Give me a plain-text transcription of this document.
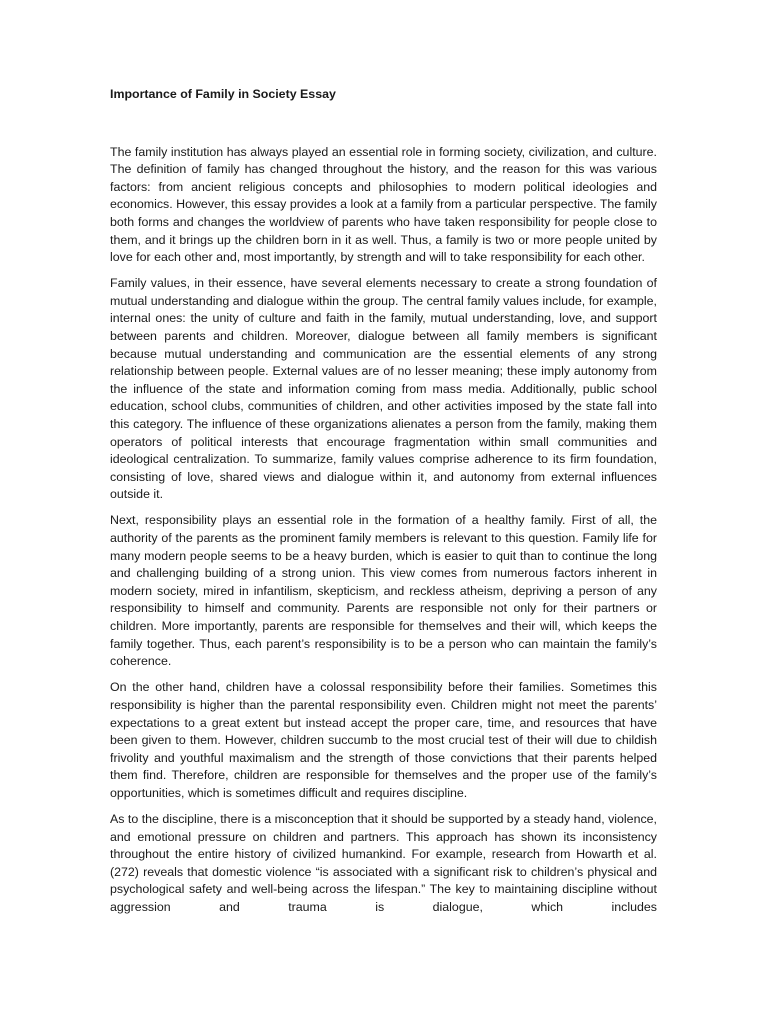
Importance of Family in Society Essay

The family institution has always played an essential role in forming society, civilization, and culture. The definition of family has changed throughout the history, and the reason for this was various factors: from ancient religious concepts and philosophies to modern political ideologies and economics. However, this essay provides a look at a family from a particular perspective. The family both forms and changes the worldview of parents who have taken responsibility for people close to them, and it brings up the children born in it as well. Thus, a family is two or more people united by love for each other and, most importantly, by strength and will to take responsibility for each other.

Family values, in their essence, have several elements necessary to create a strong foundation of mutual understanding and dialogue within the group. The central family values include, for example, internal ones: the unity of culture and faith in the family, mutual understanding, love, and support between parents and children. Moreover, dialogue between all family members is significant because mutual understanding and communication are the essential elements of any strong relationship between people. External values are of no lesser meaning; these imply autonomy from the influence of the state and information coming from mass media. Additionally, public school education, school clubs, communities of children, and other activities imposed by the state fall into this category. The influence of these organizations alienates a person from the family, making them operators of political interests that encourage fragmentation within small communities and ideological centralization. To summarize, family values comprise adherence to its firm foundation, consisting of love, shared views and dialogue within it, and autonomy from external influences outside it.

Next, responsibility plays an essential role in the formation of a healthy family. First of all, the authority of the parents as the prominent family members is relevant to this question. Family life for many modern people seems to be a heavy burden, which is easier to quit than to continue the long and challenging building of a strong union. This view comes from numerous factors inherent in modern society, mired in infantilism, skepticism, and reckless atheism, depriving a person of any responsibility to himself and community. Parents are responsible not only for their partners or children. More importantly, parents are responsible for themselves and their will, which keeps the family together. Thus, each parent’s responsibility is to be a person who can maintain the family’s coherence.

On the other hand, children have a colossal responsibility before their families. Sometimes this responsibility is higher than the parental responsibility even. Children might not meet the parents’ expectations to a great extent but instead accept the proper care, time, and resources that have been given to them. However, children succumb to the most crucial test of their will due to childish frivolity and youthful maximalism and the strength of those convictions that their parents helped them find. Therefore, children are responsible for themselves and the proper use of the family’s opportunities, which is sometimes difficult and requires discipline.

As to the discipline, there is a misconception that it should be supported by a steady hand, violence, and emotional pressure on children and partners. This approach has shown its inconsistency throughout the entire history of civilized humankind. For example, research from Howarth et al. (272) reveals that domestic violence “is associated with a significant risk to children’s physical and psychological safety and well-being across the lifespan.” The key to maintaining discipline without aggression and trauma is dialogue, which includes
